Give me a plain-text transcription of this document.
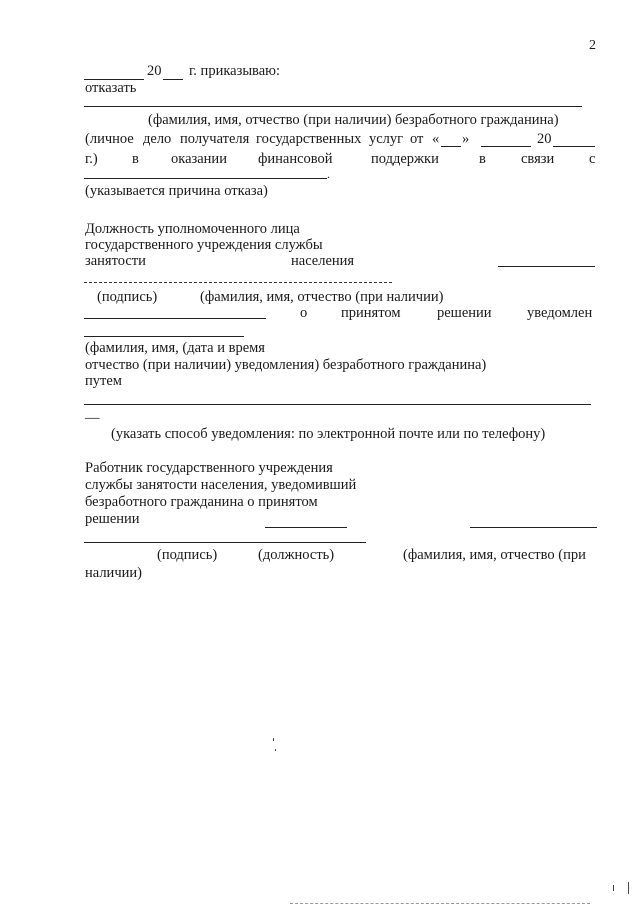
2
20 г. приказываю:
отказать
(фамилия, имя, отчество (при наличии) безработного гражданина)
(личное дело получателя государственных услуг от « »	20
г.) в оказании финансовой	поддержки	в связи с
.
(указывается причина отказа)
Должность уполномоченного лица
государственного учреждения службы
занятости	населения
(подпись)	(фамилия, имя, отчество (при наличии)
о принятом	решении уведомлен
(фамилия, имя, (дата и время
отчество (при наличии) уведомления) безработного гражданина)
путем
—
(указать способ уведомления: по электронной почте или по телефону)
Работник государственного учреждения
службы занятости населения, уведомивший
безработного гражданина о принятом
решении
(подпись)	(должность)	(фамилия, имя, отчество (при
наличии)
